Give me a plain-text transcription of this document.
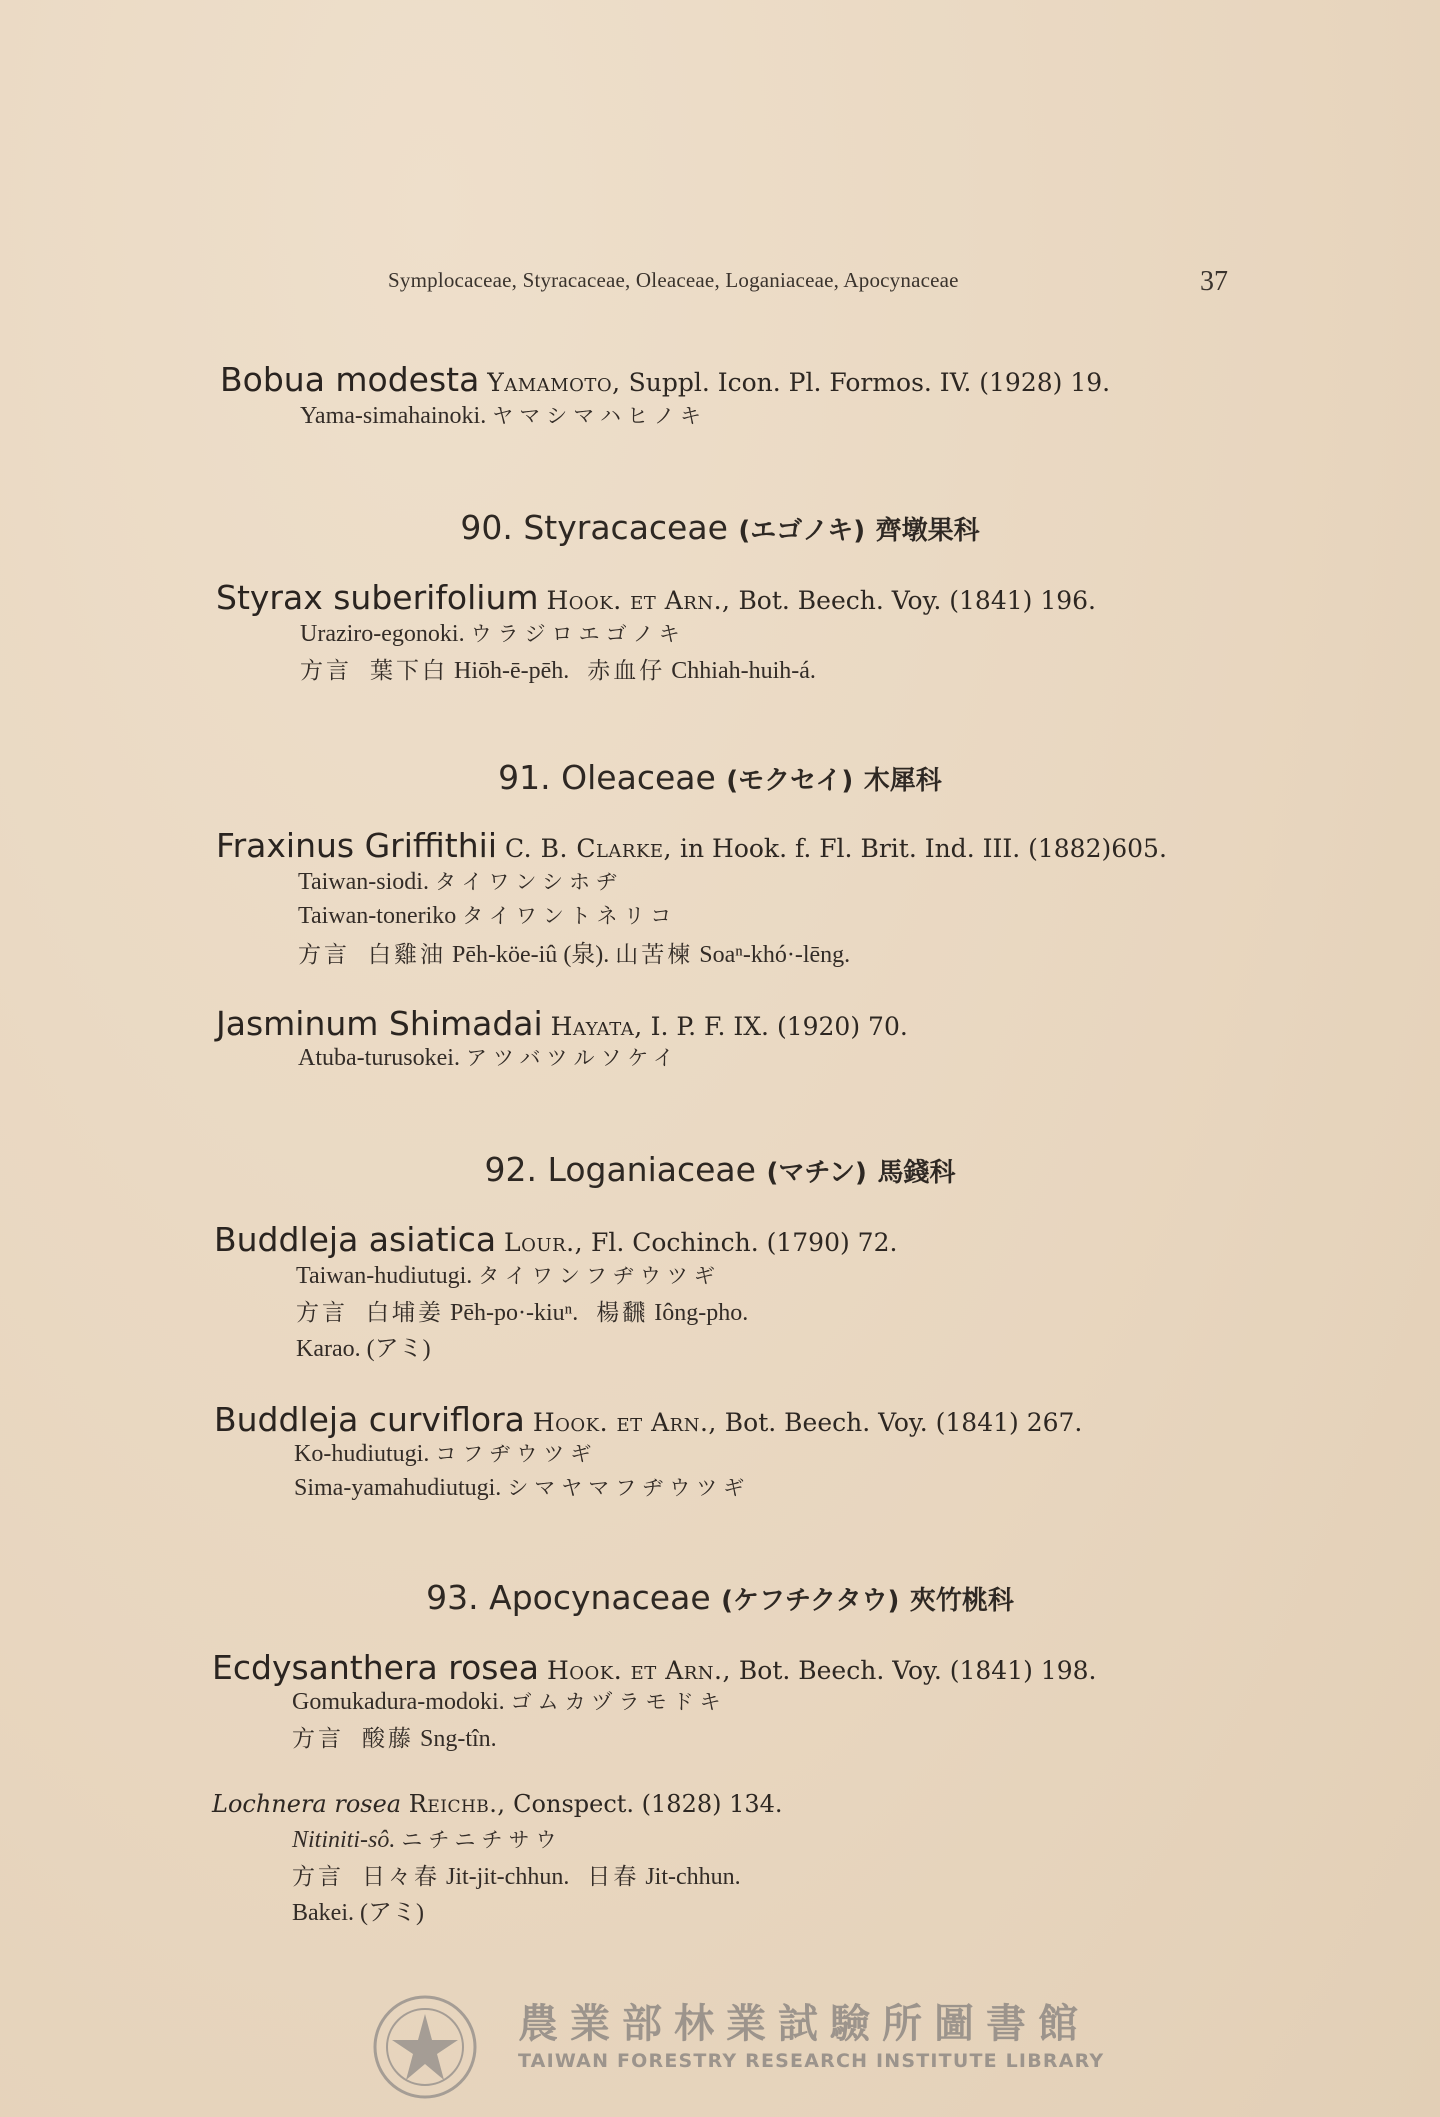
Symplocaceae, Styracaceae, Oleaceae, Loganiaceae, Apocynaceae	37
Bobua modesta Yamamoto, Suppl. Icon. Pl. Formos. IV. (1928) 19.
Yama-simahainoki. ヤマシマハヒノキ
90. Styracaceae (エゴノキ) 齊墩果科
Styrax suberifolium Hook. et Arn., Bot. Beech. Voy. (1841) 196.
Uraziro-egonoki. ウラジロエゴノキ
方言 葉下白 Hiōh-ē-pēh. 赤血仔 Chhiah-huih-á.
91. Oleaceae (モクセイ) 木犀科
Fraxinus Griffithii C. B. Clarke, in Hook. f. Fl. Brit. Ind. III. (1882)605.
Taiwan-siodi. タイワンシホヂ
Taiwan-toneriko タイワントネリコ
方言 白雞油 Pēh-köe-iû (泉). 山苦楝 Soaⁿ-khó·-lēng.
Jasminum Shimadai Hayata, I. P. F. IX. (1920) 70.
Atuba-turusokei. アツバツルソケイ
92. Loganiaceae (マチン) 馬錢科
Buddleja asiatica Lour., Fl. Cochinch. (1790) 72.
Taiwan-hudiutugi. タイワンフヂウツギ
方言 白埔姜 Pēh-po·-kiuⁿ. 楊飜 Iông-pho.
Karao. (アミ)
Buddleja curviflora Hook. et Arn., Bot. Beech. Voy. (1841) 267.
Ko-hudiutugi. コフヂウツギ
Sima-yamahudiutugi. シマヤマフヂウツギ
93. Apocynaceae (ケフチクタウ) 夾竹桃科
Ecdysanthera rosea Hook. et Arn., Bot. Beech. Voy. (1841) 198.
Gomukadura-modoki. ゴムカヅラモドキ
方言 酸藤 Sng-tîn.
Lochnera rosea Reichb., Conspect. (1828) 134.
Nitiniti-sô. ニチニチサウ
方言 日々春 Jit-jit-chhun. 日春 Jit-chhun.
Bakei. (アミ)
農業部林業試驗所圖書館
TAIWAN FORESTRY RESEARCH INSTITUTE LIBRARY
